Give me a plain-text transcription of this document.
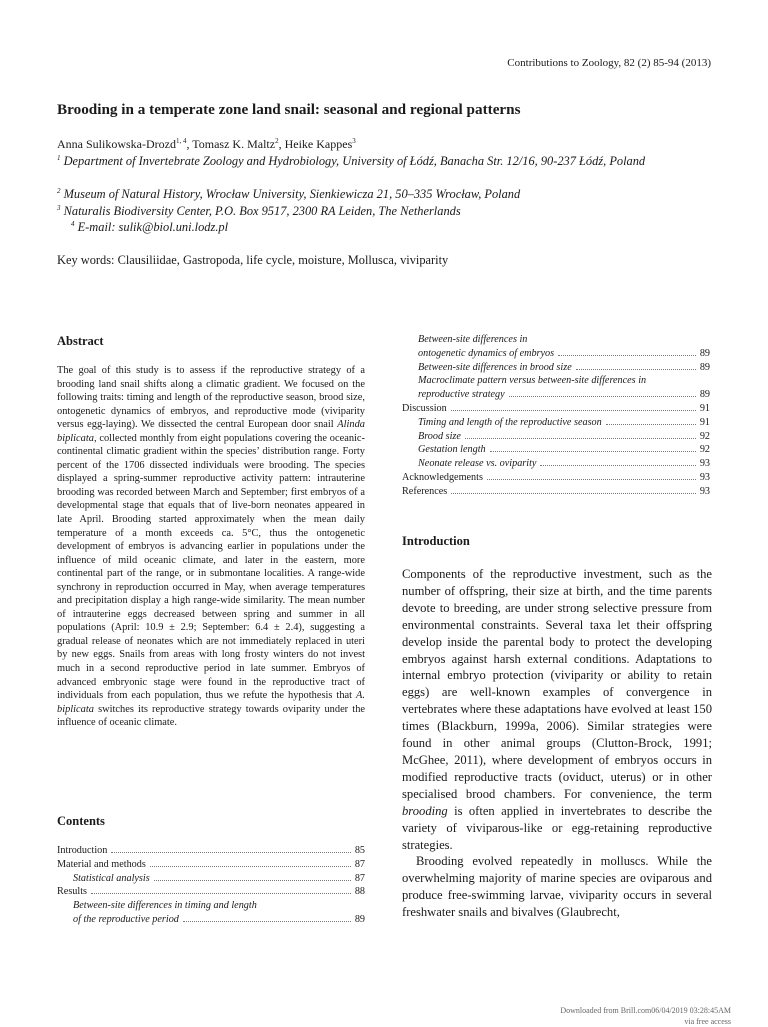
Contributions to Zoology, 82 (2) 85-94 (2013)
Brooding in a temperate zone land snail: seasonal and regional patterns
Anna Sulikowska-Drozd$^{1, 4}$, Tomasz K. Maltz$^2$, Heike Kappes$^3$
$^1$ Department of Invertebrate Zoology and Hydrobiology, University of Łódź, Banacha Str. 12/16, 90-237 Łódź, Poland
$^2$ Museum of Natural History, Wrocław University, Sienkiewicza 21, 50–335 Wrocław, Poland
$^3$ Naturalis Biodiversity Center, P.O. Box 9517, 2300 RA Leiden, The Netherlands
$^4$ E-mail: sulik@biol.uni.lodz.pl
Key words: Clausiliidae, Gastropoda, life cycle, moisture, Mollusca, viviparity
Abstract
The goal of this study is to assess if the reproductive strategy of a brooding land snail shifts along a climatic gradient. We focused on the following traits: timing and length of the reproductive season, brood size, ontogenetic dynamics of embryos, and reproductive mode (viviparity versus egg-laying). We dissected the central European door snail Alinda biplicata, collected monthly from eight populations covering the oceanic-continental climatic gradient within the species’ distribution range. Forty percent of the 1706 dissected individuals were brooding. The species displayed a spring-summer reproductive activity pattern: intrauterine brooding was recorded between March and September; first embryos of a developmental stage that equals that of live-born neonates appeared in late April. Brooding started approximately when the mean daily temperature of a month exceeds ca. 5°C, thus the ontogenetic development of embryos is advancing earlier in populations under the influence of mild oceanic climate, and later in the eastern, more continental part of the range, or in submontane localities. A range-wide synchrony in reproduction occurred in May, when average temperatures and precipitation display a high range-wide similarity. The mean number of intrauterine eggs decreased between spring and summer in all populations (April: 10.9 ± 2.9; September: 6.4 ± 2.4), suggesting a gradual release of neonates which are not immediately replaced in uteri by new eggs. Snails from areas with long frosty winters do not invest much in a second reproductive period in late summer. Embryos of advanced embryonic stage were found in the reproductive tract of individuals from each population, thus we refute the hypothesis that A. biplicata switches its reproductive strategy towards oviparity under the influence of oceanic climate.
Contents
Introduction	85
Material and methods	87
Statistical analysis	87
Results	88
Between-site differences in timing and length
of the reproductive period	89
Between-site differences in
ontogenetic dynamics of embryos	89
Between-site differences in brood size	89
Macroclimate pattern versus between-site differences in
reproductive strategy	89
Discussion	91
Timing and length of the reproductive season	91
Brood size	92
Gestation length	92
Neonate release vs. oviparity	93
Acknowledgements	93
References	93
Introduction

Components of the reproductive investment, such as the number of offspring, their size at birth, and the time parents devote to breeding, are under strong selective pressure from environmental constraints. Several taxa let their offspring develop inside the parental body to protect the developing embryos against harsh external conditions. Adaptations to internal embryo protection (viviparity or ability to retain eggs) are well-known examples of convergence in vertebrates where these adaptations have evolved at least 150 times (Blackburn, 1999a, 2006). Similar strategies were found in other animal groups (Clutton-Brock, 1991; McGhee, 2011), where development of embryos occurs in modified reproductive tracts (oviduct, uterus) or in other specialised brood chambers. For convenience, the term brooding is often applied in invertebrates to describe the variety of viviparous-like or egg-retaining reproductive strategies.

Brooding evolved repeatedly in molluscs. While the overwhelming majority of marine species are oviparous and produce free-swimming larvae, viviparity occurs in several freshwater snails and bivalves (Glaubrecht,

Downloaded from Brill.com06/04/2019 03:28:45AM
via free access
